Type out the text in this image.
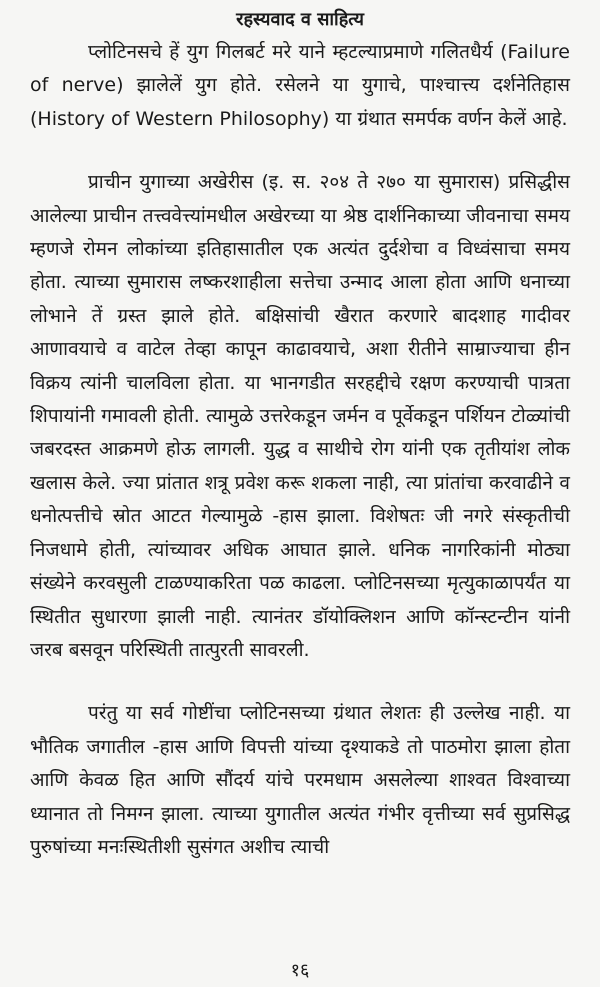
रहस्यवाद व साहित्य

प्लोटिनसचे हें युग गिलबर्ट मरे याने म्हटल्याप्रमाणे गलितधैर्य (Failure of nerve) झालेलें युग होते. रसेलने या युगाचे, पाश्चात्त्य दर्शनेतिहास (History of Western Philosophy) या ग्रंथात समर्पक वर्णन केलें आहे.

प्राचीन युगाच्या अखेरीस (इ. स. २०४ ते २७० या सुमारास) प्रसिद्धीस आलेल्या प्राचीन तत्त्ववेत्त्यांमधील अखेरच्या या श्रेष्ठ दार्शनिकाच्या जीवनाचा समय म्हणजे रोमन लोकांच्या इतिहासातील एक अत्यंत दुर्दशेचा व विध्वंसाचा समय होता. त्याच्या सुमारास लष्करशाहीला सत्तेचा उन्माद आला होता आणि धनाच्या लोभाने तें ग्रस्त झाले होते. बक्षिसांची खैरात करणारे बादशाह गादीवर आणावयाचे व वाटेल तेव्हा कापून काढावयाचे, अशा रीतीने साम्राज्याचा हीन विक्रय त्यांनी चालविला होता. या भानगडीत सरहद्दीचे रक्षण करण्याची पात्रता शिपायांनी गमावली होती. त्यामुळे उत्तरेकडून जर्मन व पूर्वेकडून पर्शियन टोळ्यांची जबरदस्त आक्रमणे होऊ लागली. युद्ध व साथीचे रोग यांनी एक तृतीयांश लोक खलास केले. ज्या प्रांतात शत्रू प्रवेश करू शकला नाही, त्या प्रांतांचा करवाढीने व धनोत्पत्तीचे स्रोत आटत गेल्यामुळे -हास झाला. विशेषतः जी नगरे संस्कृतीची निजधामे होती, त्यांच्यावर अधिक आघात झाले. धनिक नागरिकांनी मोठ्या संख्येने करवसुली टाळण्याकरिता पळ काढला. प्लोटिनसच्या मृत्युकाळापर्यंत या स्थितीत सुधारणा झाली नाही. त्यानंतर डॉयोक्लिशन आणि कॉन्स्टन्टीन यांनी जरब बसवून परिस्थिती तात्पुरती सावरली.

परंतु या सर्व गोष्टींचा प्लोटिनसच्या ग्रंथात लेशतः ही उल्लेख नाही. या भौतिक जगातील -हास आणि विपत्ती यांच्या दृश्याकडे तो पाठमोरा झाला होता आणि केवळ हित आणि सौंदर्य यांचे परमधाम असलेल्या शाश्वत विश्वाच्या ध्यानात तो निमग्न झाला. त्याच्या युगातील अत्यंत गंभीर वृत्तीच्या सर्व सुप्रसिद्ध पुरुषांच्या मनःस्थितीशी सुसंगत अशीच त्याची

१६
